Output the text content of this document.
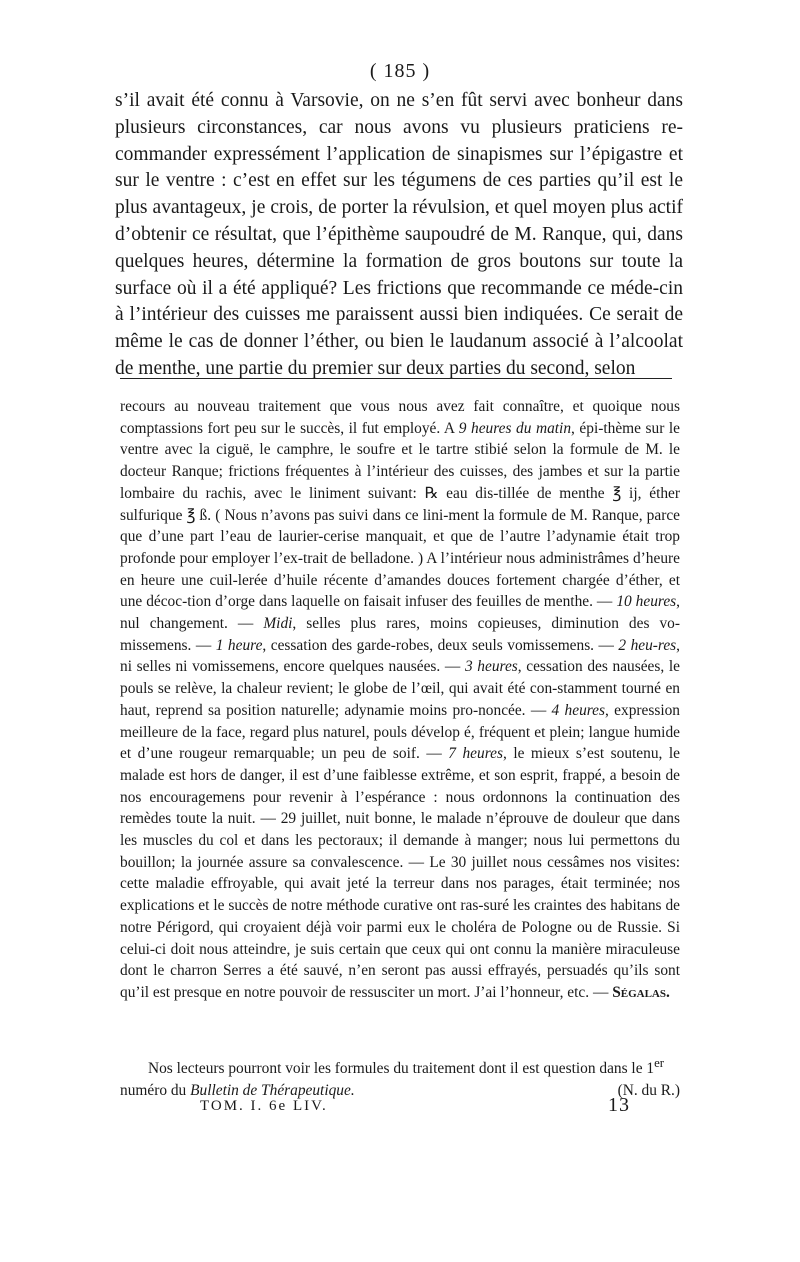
( 185 )

s’il avait été connu à Varsovie, on ne s’en fût servi avec bonheur dans plusieurs circonstances, car nous avons vu plusieurs praticiens re-commander expressément l’application de sinapismes sur l’épigastre et sur le ventre : c’est en effet sur les tégumens de ces parties qu’il est le plus avantageux, je crois, de porter la révulsion, et quel moyen plus actif d’obtenir ce résultat, que l’épithème saupoudré de M. Ranque, qui, dans quelques heures, détermine la formation de gros boutons sur toute la surface où il a été appliqué? Les frictions que recommande ce méde-cin à l’intérieur des cuisses me paraissent aussi bien indiquées. Ce serait de même le cas de donner l’éther, ou bien le laudanum associé à l’alcoolat de menthe, une partie du premier sur deux parties du second, selon

recours au nouveau traitement que vous nous avez fait connaître, et quoique nous comptassions fort peu sur le succès, il fut employé. A 9 heures du matin, épi-thème sur le ventre avec la ciguë, le camphre, le soufre et le tartre stibié selon la formule de M. le docteur Ranque; frictions fréquentes à l’intérieur des cuisses, des jambes et sur la partie lombaire du rachis, avec le liniment suivant: ℞ eau dis-tillée de menthe ℥ ij, éther sulfurique ℥ ß. ( Nous n’avons pas suivi dans ce lini-ment la formule de M. Ranque, parce que d’une part l’eau de laurier-cerise manquait, et que de l’autre l’adynamie était trop profonde pour employer l’ex-trait de belladone. ) A l’intérieur nous administrâmes d’heure en heure une cuil-lerée d’huile récente d’amandes douces fortement chargée d’éther, et une décoc-tion d’orge dans laquelle on faisait infuser des feuilles de menthe. — 10 heures, nul changement. — Midi, selles plus rares, moins copieuses, diminution des vo-missemens. — 1 heure, cessation des garde-robes, deux seuls vomissemens. — 2 heu-res, ni selles ni vomissemens, encore quelques nausées. — 3 heures, cessation des nausées, le pouls se relève, la chaleur revient; le globe de l’œil, qui avait été con-stamment tourné en haut, reprend sa position naturelle; adynamie moins pro-noncée. — 4 heures, expression meilleure de la face, regard plus naturel, pouls dévelop é, fréquent et plein; langue humide et d’une rougeur remarquable; un peu de soif. — 7 heures, le mieux s’est soutenu, le malade est hors de danger, il est d’une faiblesse extrême, et son esprit, frappé, a besoin de nos encouragemens pour revenir à l’espérance : nous ordonnons la continuation des remèdes toute la nuit. — 29 juillet, nuit bonne, le malade n’éprouve de douleur que dans les muscles du col et dans les pectoraux; il demande à manger; nous lui permettons du bouillon; la journée assure sa convalescence. — Le 30 juillet nous cessâmes nos visites: cette maladie effroyable, qui avait jeté la terreur dans nos parages, était terminée; nos explications et le succès de notre méthode curative ont ras-suré les craintes des habitans de notre Périgord, qui croyaient déjà voir parmi eux le choléra de Pologne ou de Russie. Si celui-ci doit nous atteindre, je suis certain que ceux qui ont connu la manière miraculeuse dont le charron Serres a été sauvé, n’en seront pas aussi effrayés, persuadés qu’ils sont qu’il est presque en notre pouvoir de ressusciter un mort. J’ai l’honneur, etc. — Ségalas.

Nos lecteurs pourront voir les formules du traitement dont il est question dans le 1er numéro du Bulletin de Thérapeutique.	(N. du R.)

TOM. I. 6e LIV.	13
